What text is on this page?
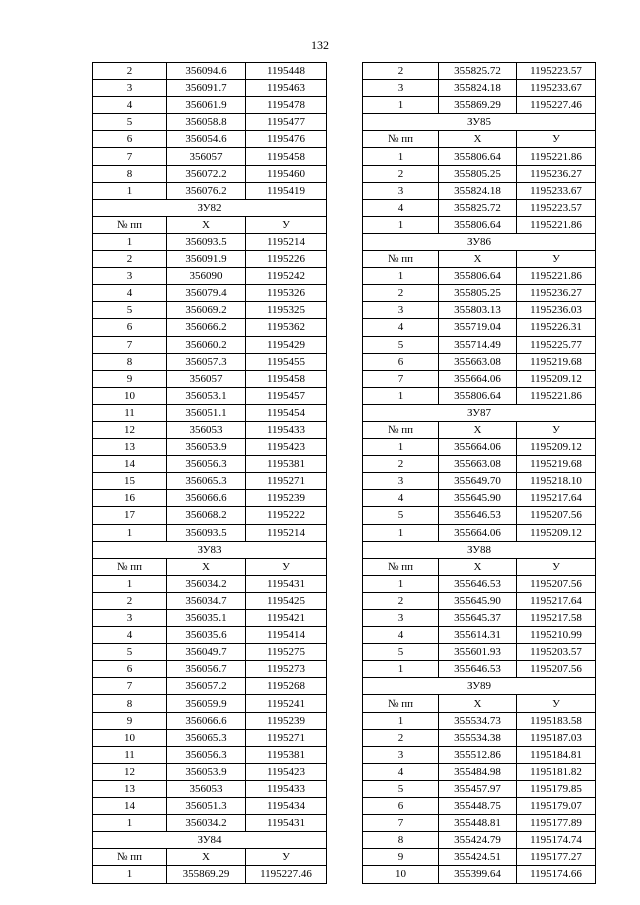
132
2	356094.6	1195448
3	356091.7	1195463
4	356061.9	1195478
5	356058.8	1195477
6	356054.6	1195476
7	356057	1195458
8	356072.2	1195460
1	356076.2	1195419
ЗУ82		
№ пп	Х	У
1	356093.5	1195214
2	356091.9	1195226
3	356090	1195242
4	356079.4	1195326
5	356069.2	1195325
6	356066.2	1195362
7	356060.2	1195429
8	356057.3	1195455
9	356057	1195458
10	356053.1	1195457
11	356051.1	1195454
12	356053	1195433
13	356053.9	1195423
14	356056.3	1195381
15	356065.3	1195271
16	356066.6	1195239
17	356068.2	1195222
1	356093.5	1195214
ЗУ83		
№ пп	Х	У
1	356034.2	1195431
2	356034.7	1195425
3	356035.1	1195421
4	356035.6	1195414
5	356049.7	1195275
6	356056.7	1195273
7	356057.2	1195268
8	356059.9	1195241
9	356066.6	1195239
10	356065.3	1195271
11	356056.3	1195381
12	356053.9	1195423
13	356053	1195433
14	356051.3	1195434
1	356034.2	1195431
ЗУ84		
№ пп	Х	У
1	355869.29	1195227.46
2	355825.72	1195223.57
3	355824.18	1195233.67
1	355869.29	1195227.46
ЗУ85		
№ пп	Х	У
1	355806.64	1195221.86
2	355805.25	1195236.27
3	355824.18	1195233.67
4	355825.72	1195223.57
1	355806.64	1195221.86
ЗУ86		
№ пп	Х	У
1	355806.64	1195221.86
2	355805.25	1195236.27
3	355803.13	1195236.03
4	355719.04	1195226.31
5	355714.49	1195225.77
6	355663.08	1195219.68
7	355664.06	1195209.12
1	355806.64	1195221.86
ЗУ87		
№ пп	Х	У
1	355664.06	1195209.12
2	355663.08	1195219.68
3	355649.70	1195218.10
4	355645.90	1195217.64
5	355646.53	1195207.56
1	355664.06	1195209.12
ЗУ88		
№ пп	Х	У
1	355646.53	1195207.56
2	355645.90	1195217.64
3	355645.37	1195217.58
4	355614.31	1195210.99
5	355601.93	1195203.57
1	355646.53	1195207.56
ЗУ89		
№ пп	Х	У
1	355534.73	1195183.58
2	355534.38	1195187.03
3	355512.86	1195184.81
4	355484.98	1195181.82
5	355457.97	1195179.85
6	355448.75	1195179.07
7	355448.81	1195177.89
8	355424.79	1195174.74
9	355424.51	1195177.27
10	355399.64	1195174.66
